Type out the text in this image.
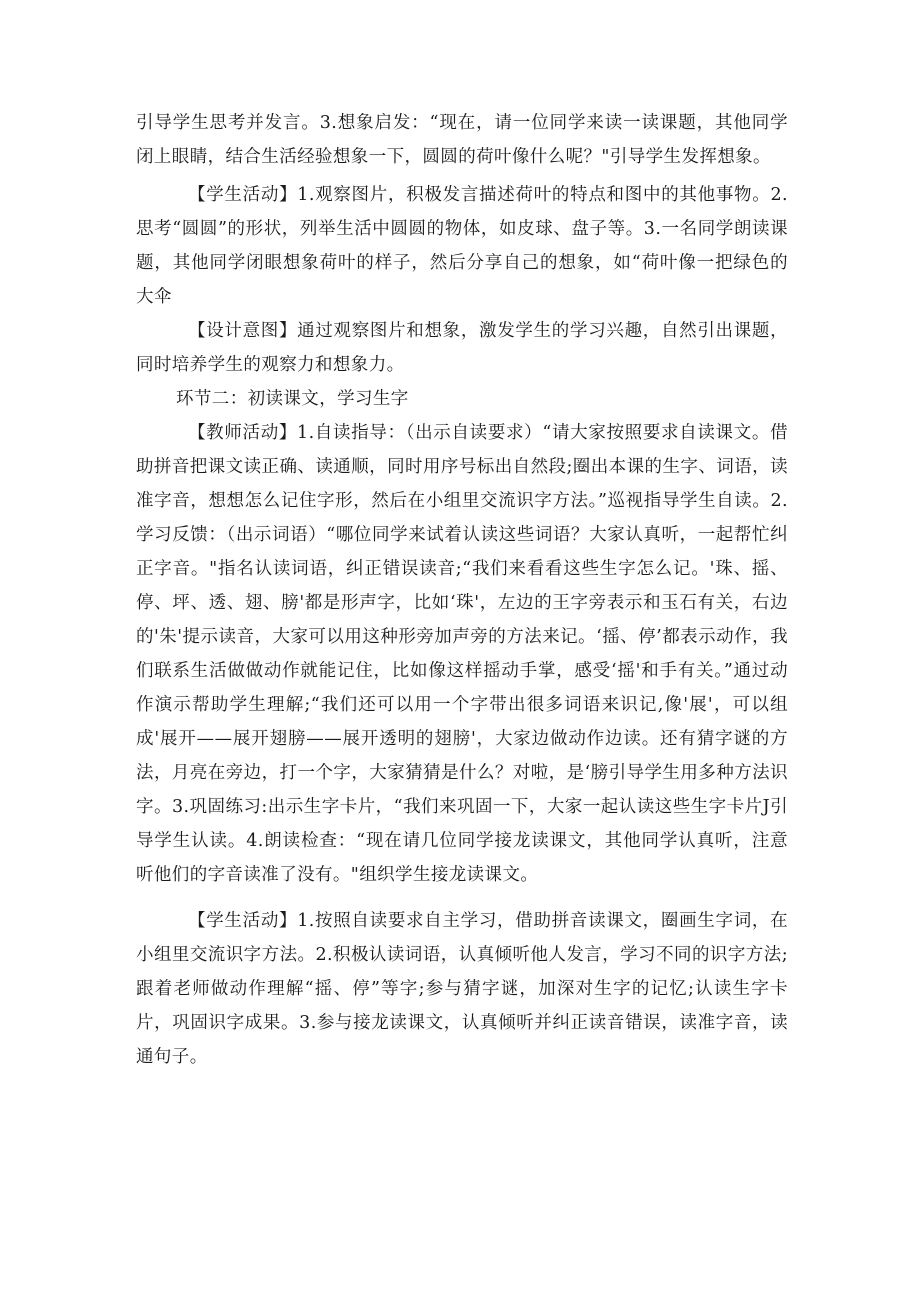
引导学生思考并发言。3.想象启发：“现在，请一位同学来读一读课题，其他同学闭上眼睛，结合生活经验想象一下，圆圆的荷叶像什么呢？"引导学生发挥想象。

【学生活动】1.观察图片，积极发言描述荷叶的特点和图中的其他事物。2.思考“圆圆”的形状，列举生活中圆圆的物体，如皮球、盘子等。3.一名同学朗读课题，其他同学闭眼想象荷叶的样子，然后分享自己的想象，如“荷叶像一把绿色的大伞

【设计意图】通过观察图片和想象，激发学生的学习兴趣，自然引出课题，同时培养学生的观察力和想象力。

环节二：初读课文，学习生字

【教师活动】1.自读指导：（出示自读要求）“请大家按照要求自读课文。借助拼音把课文读正确、读通顺，同时用序号标出自然段;圈出本课的生字、词语，读准字音，想想怎么记住字形，然后在小组里交流识字方法。”巡视指导学生自读。2.学习反馈：（出示词语）“哪位同学来试着认读这些词语？大家认真听，一起帮忙纠正字音。"指名认读词语，纠正错误读音;“我们来看看这些生字怎么记。'珠、摇、停、坪、透、翅、膀'都是形声字，比如‘珠'，左边的王字旁表示和玉石有关，右边的'朱'提示读音，大家可以用这种形旁加声旁的方法来记。‘摇、停’都表示动作，我们联系生活做做动作就能记住，比如像这样摇动手掌，感受‘摇'和手有关。”通过动作演示帮助学生理解;“我们还可以用一个字带出很多词语来识记,像'展'，可以组成'展开——展开翅膀——展开透明的翅膀'，大家边做动作边读。还有猜字谜的方法，月亮在旁边，打一个字，大家猜猜是什么？对啦，是‘膀引导学生用多种方法识字。3.巩固练习:出示生字卡片，“我们来巩固一下，大家一起认读这些生字卡片J引导学生认读。4.朗读检查：“现在请几位同学接龙读课文，其他同学认真听，注意听他们的字音读准了没有。"组织学生接龙读课文。

【学生活动】1.按照自读要求自主学习，借助拼音读课文，圈画生字词，在小组里交流识字方法。2.积极认读词语，认真倾听他人发言，学习不同的识字方法;跟着老师做动作理解“摇、停”等字;参与猜字谜，加深对生字的记忆;认读生字卡片，巩固识字成果。3.参与接龙读课文，认真倾听并纠正读音错误，读准字音，读通句子。
